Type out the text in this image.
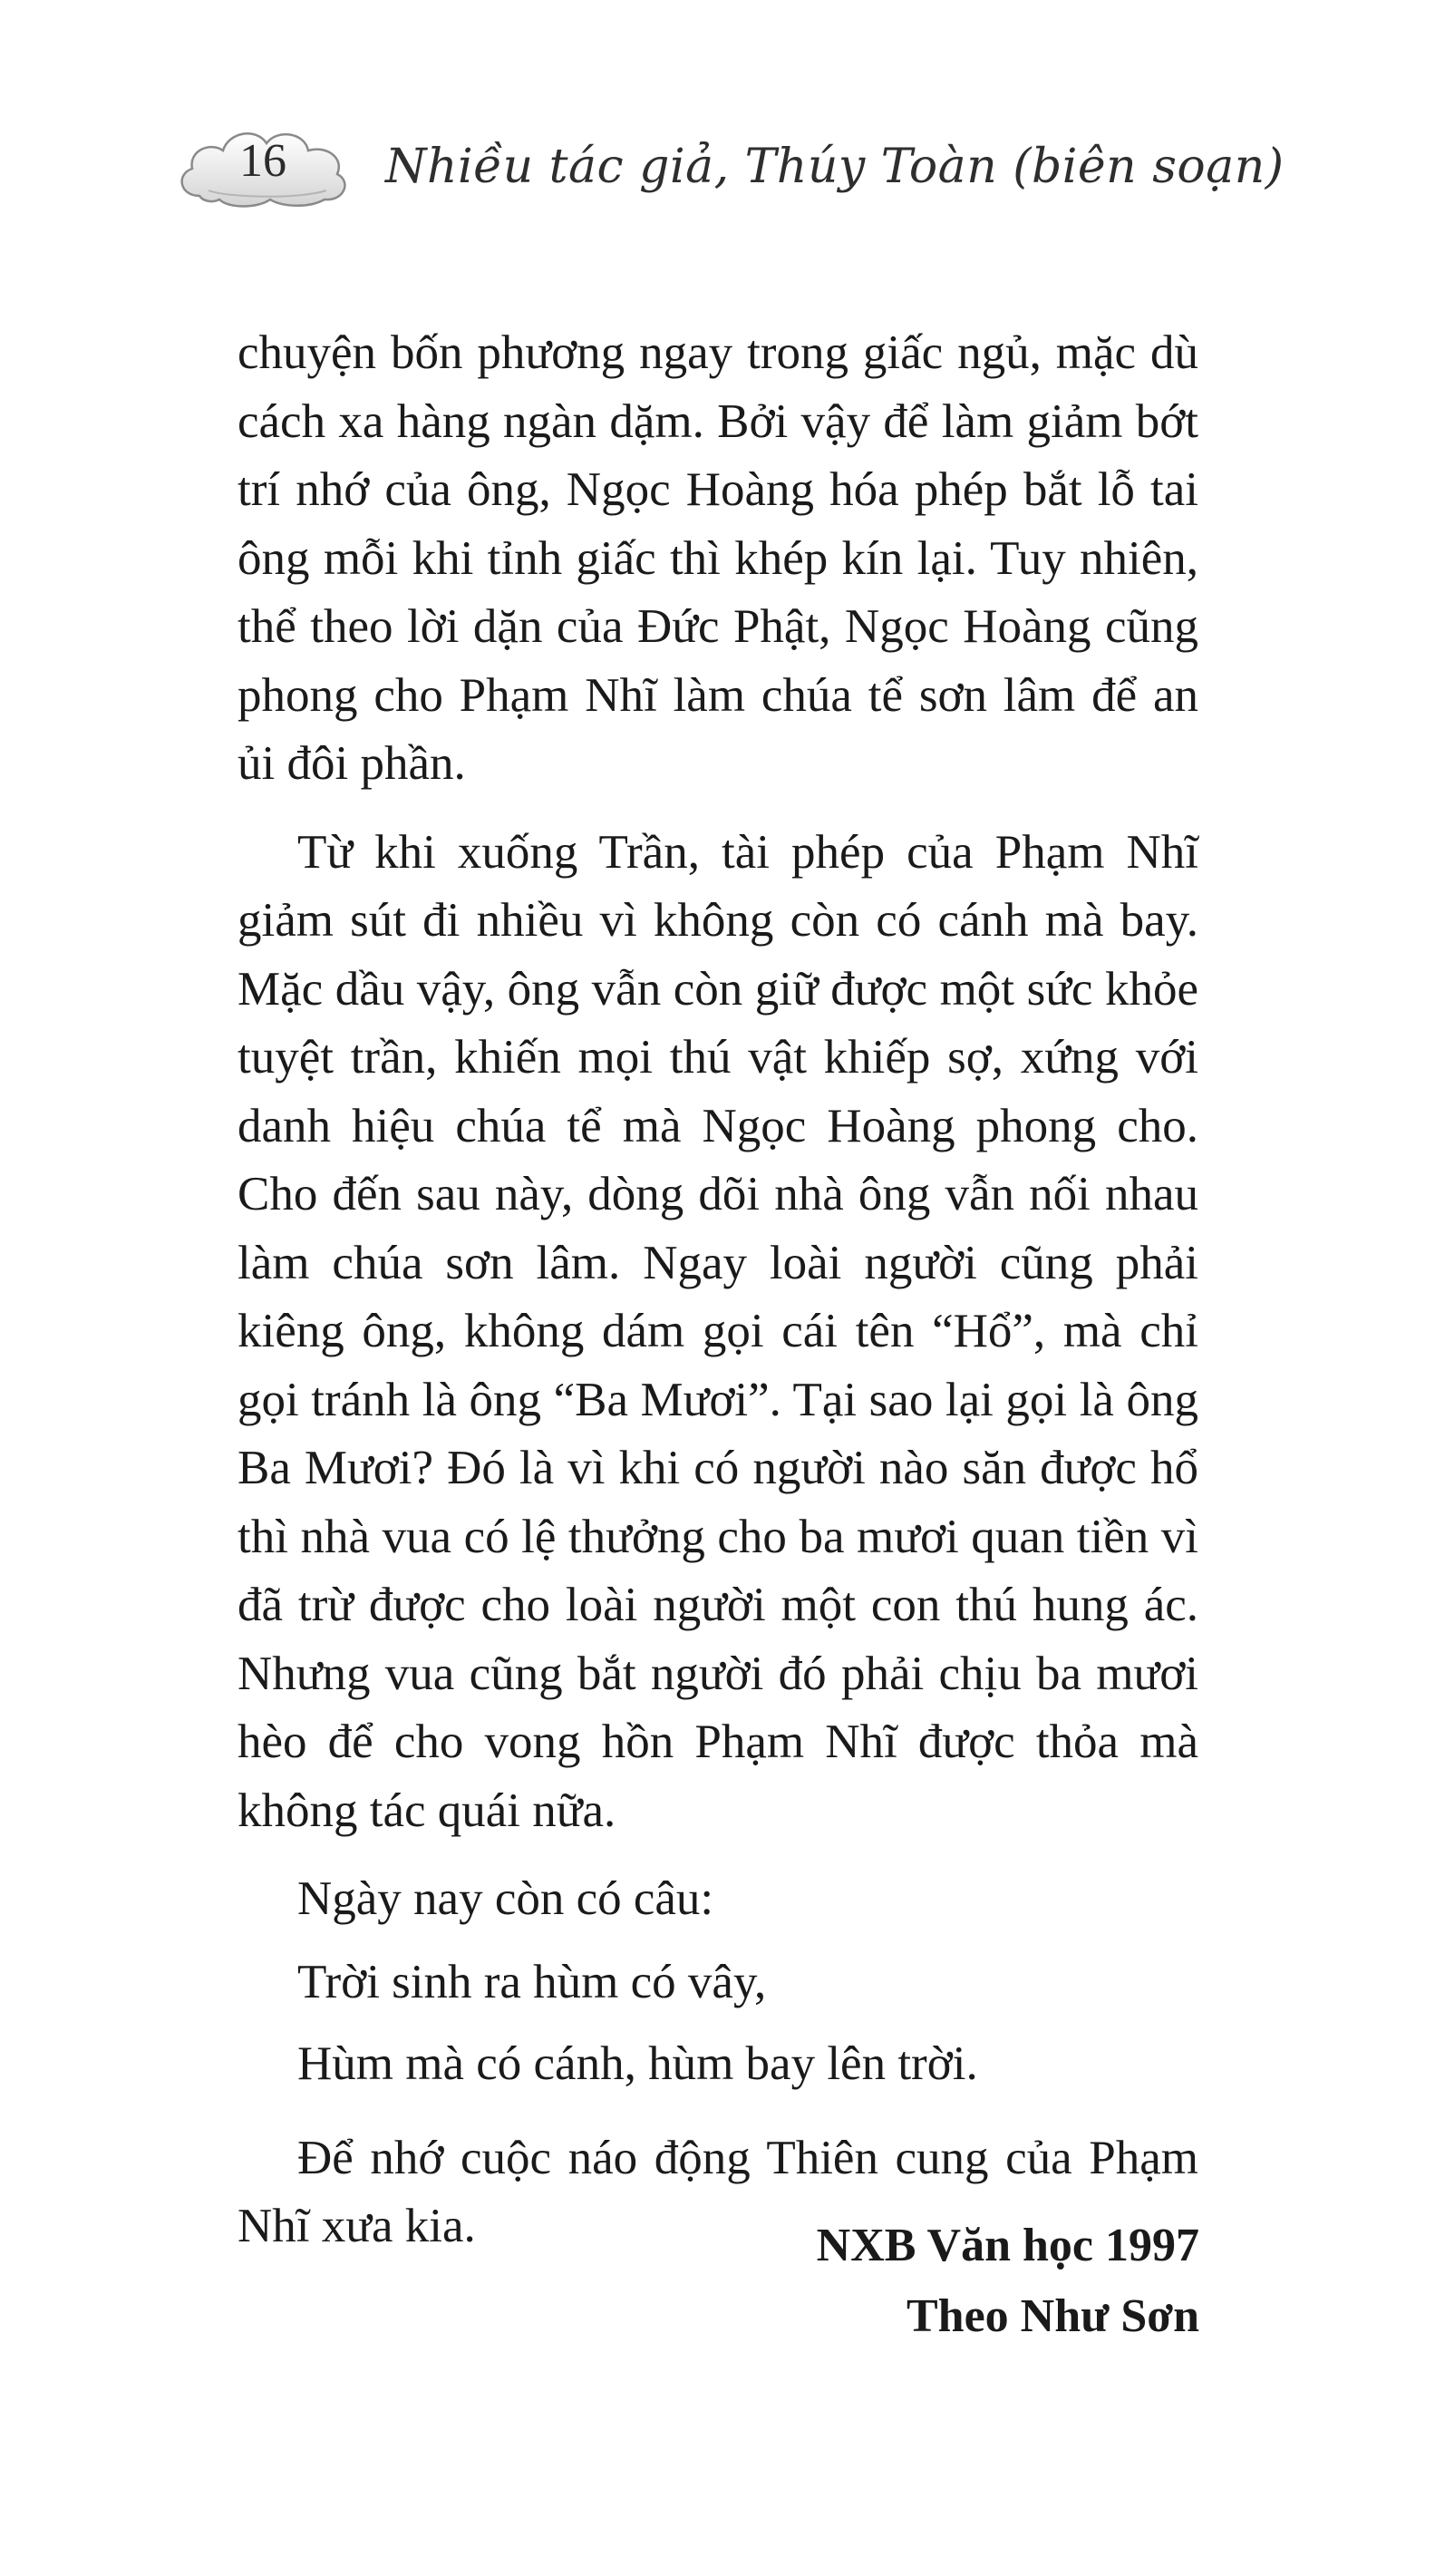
16	Nhiều tác giả, Thúy Toàn (biên soạn)

chuyện bốn phương ngay trong giấc ngủ, mặc dù cách xa hàng ngàn dặm. Bởi vậy để làm giảm bớt trí nhớ của ông, Ngọc Hoàng hóa phép bắt lỗ tai ông mỗi khi tỉnh giấc thì khép kín lại. Tuy nhiên, thể theo lời dặn của Đức Phật, Ngọc Hoàng cũng phong cho Phạm Nhĩ làm chúa tể sơn lâm để an ủi đôi phần.

Từ khi xuống Trần, tài phép của Phạm Nhĩ giảm sút đi nhiều vì không còn có cánh mà bay. Mặc dầu vậy, ông vẫn còn giữ được một sức khỏe tuyệt trần, khiến mọi thú vật khiếp sợ, xứng với danh hiệu chúa tể mà Ngọc Hoàng phong cho. Cho đến sau này, dòng dõi nhà ông vẫn nối nhau làm chúa sơn lâm. Ngay loài người cũng phải kiêng ông, không dám gọi cái tên “Hổ”, mà chỉ gọi tránh là ông “Ba Mươi”. Tại sao lại gọi là ông Ba Mươi? Đó là vì khi có người nào săn được hổ thì nhà vua có lệ thưởng cho ba mươi quan tiền vì đã trừ được cho loài người một con thú hung ác. Nhưng vua cũng bắt người đó phải chịu ba mươi hèo để cho vong hồn Phạm Nhĩ được thỏa mà không tác quái nữa.

Ngày nay còn có câu:

Trời sinh ra hùm có vây,

Hùm mà có cánh, hùm bay lên trời.

Để nhớ cuộc náo động Thiên cung của Phạm Nhĩ xưa kia.	NXB Văn học 1997
Theo Như Sơn
